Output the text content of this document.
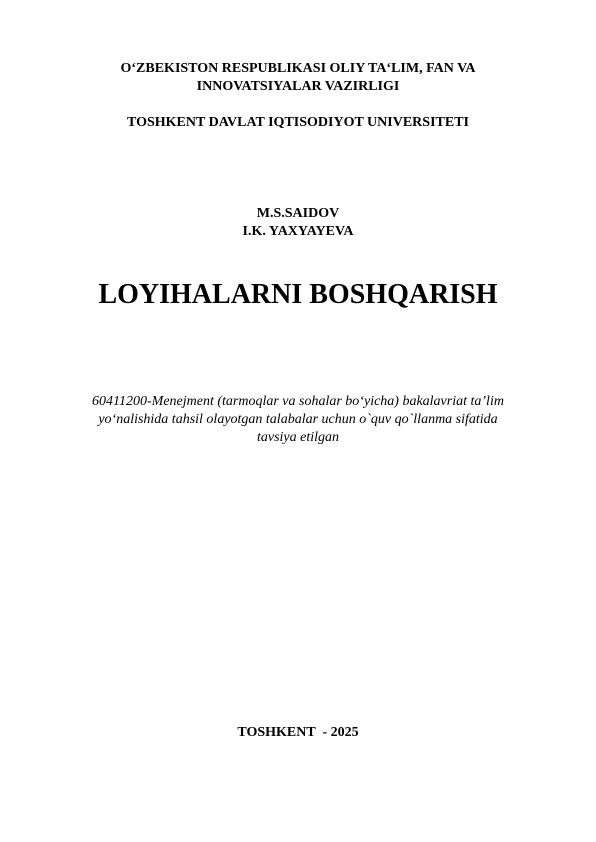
O‘ZBEKISTON RESPUBLIKASI OLIY TA‘LIM, FAN VA
INNOVATSIYALAR VAZIRLIGI
TOSHKENT DAVLAT IQTISODIYOT UNIVERSITETI
M.S.SAIDOV
I.K. YAXYAYEVA
LOYIHALARNI BOSHQARISH
60411200-Menejment (tarmoqlar va sohalar bo‘yicha) bakalavriat ta’lim
yo‘nalishida tahsil olayotgan talabalar uchun o`quv qo`llanma sifatida
tavsiya etilgan
TOSHKENT  - 2025
